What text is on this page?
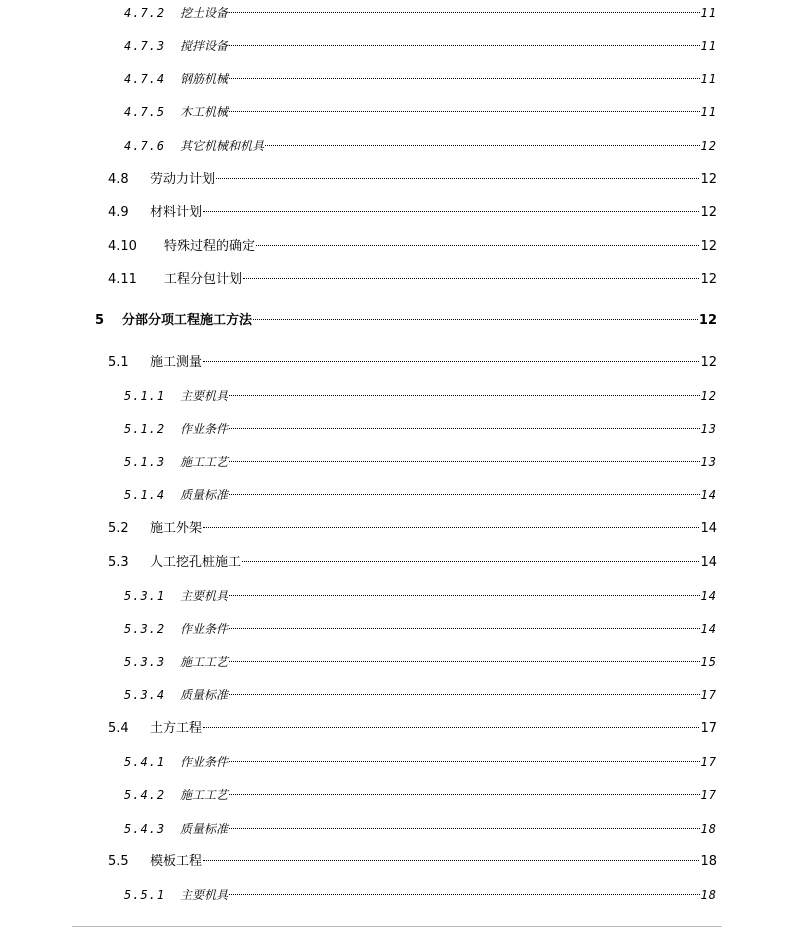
4.7.2	挖土设备	11
4.7.3	搅拌设备	11
4.7.4	钢筋机械	11
4.7.5	木工机械	11
4.7.6	其它机械和机具	12
4.8	劳动力计划	12
4.9	材料计划	12
4.10	特殊过程的确定	12
4.11	工程分包计划	12
5	分部分项工程施工方法	12
5.1	施工测量	12
5.1.1	主要机具	12
5.1.2	作业条件	13
5.1.3	施工工艺	13
5.1.4	质量标准	14
5.2	施工外架	14
5.3	人工挖孔桩施工	14
5.3.1	主要机具	14
5.3.2	作业条件	14
5.3.3	施工工艺	15
5.3.4	质量标准	17
5.4	土方工程	17
5.4.1	作业条件	17
5.4.2	施工工艺	17
5.4.3	质量标准	18
5.5	模板工程	18
5.5.1	主要机具	18
